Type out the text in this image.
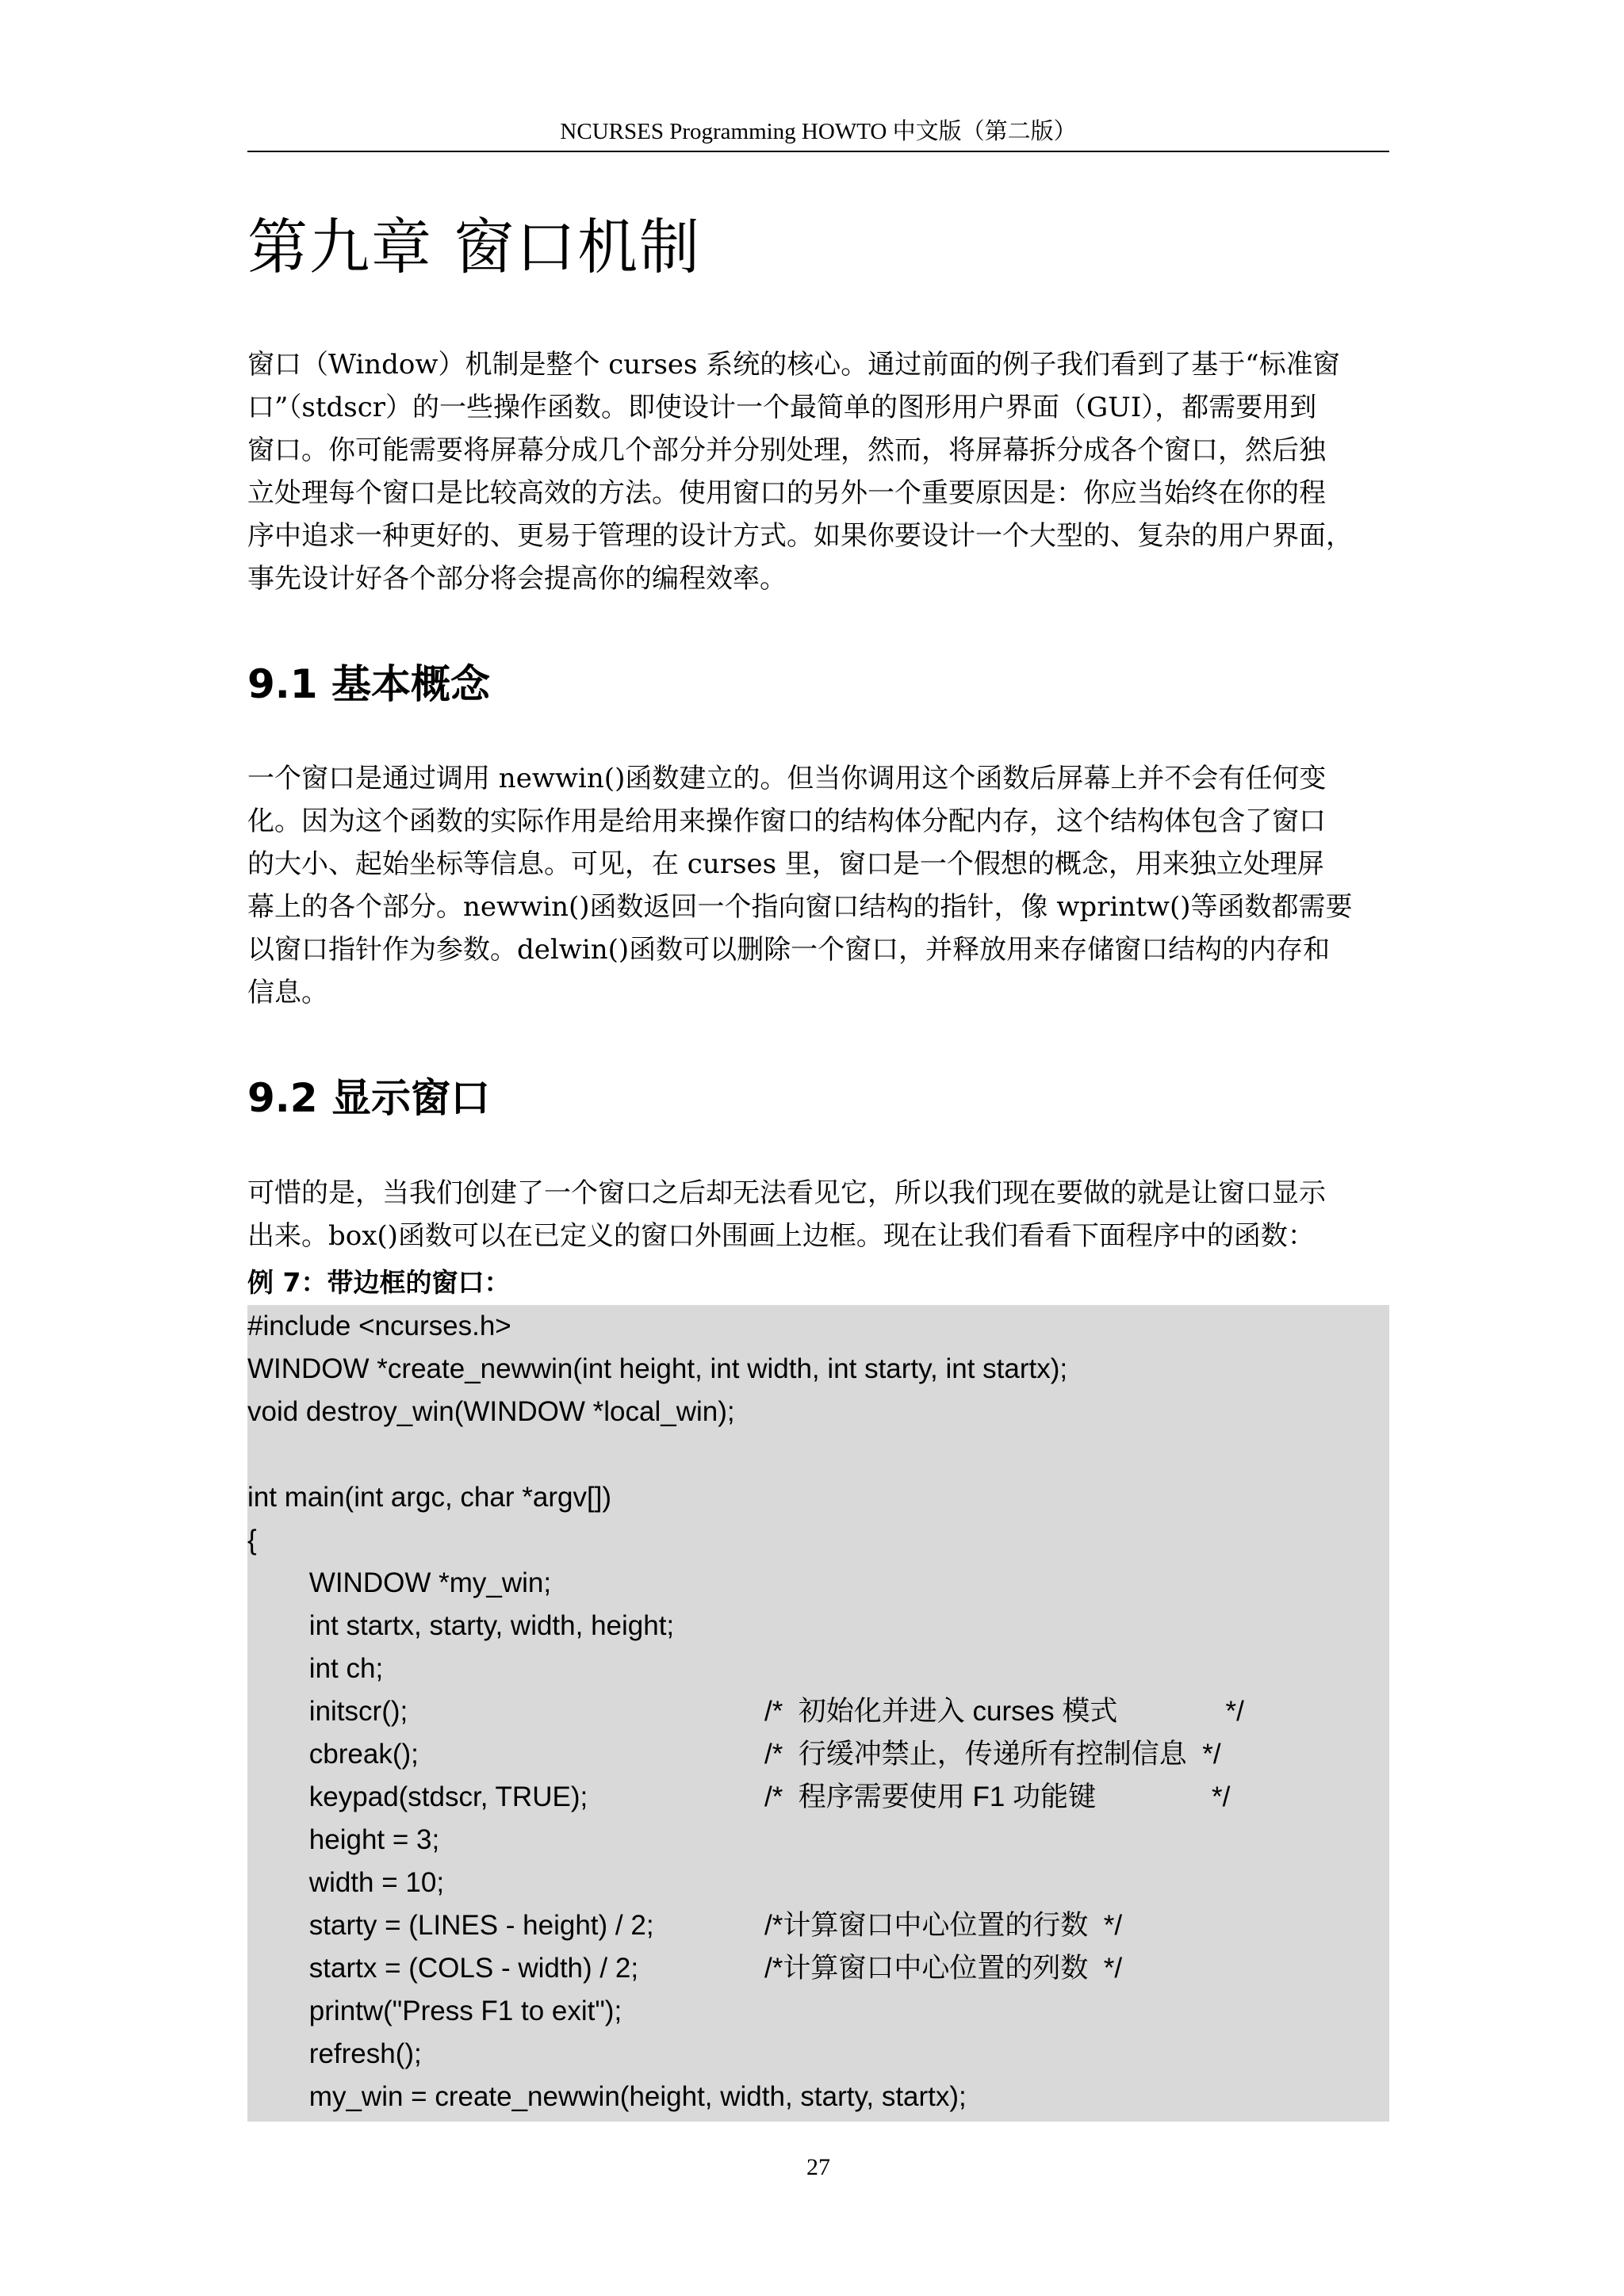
NCURSES Programming HOWTO 中文版（第二版）
第九章 窗口机制

窗口（Window）机制是整个 curses 系统的核心。通过前面的例子我们看到了基于“标准窗
口”（stdscr）的一些操作函数。即使设计一个最简单的图形用户界面（GUI），都需要用到
窗口。你可能需要将屏幕分成几个部分并分别处理，然而，将屏幕拆分成各个窗口，然后独
立处理每个窗口是比较高效的方法。使用窗口的另外一个重要原因是：你应当始终在你的程
序中追求一种更好的、更易于管理的设计方式。如果你要设计一个大型的、复杂的用户界面，
事先设计好各个部分将会提高你的编程效率。

9.1 基本概念

一个窗口是通过调用 newwin()函数建立的。但当你调用这个函数后屏幕上并不会有任何变
化。因为这个函数的实际作用是给用来操作窗口的结构体分配内存，这个结构体包含了窗口
的大小、起始坐标等信息。可见，在 curses 里，窗口是一个假想的概念，用来独立处理屏
幕上的各个部分。newwin()函数返回一个指向窗口结构的指针，像 wprintw()等函数都需要
以窗口指针作为参数。delwin()函数可以删除一个窗口，并释放用来存储窗口结构的内存和
信息。

9.2 显示窗口

可惜的是，当我们创建了一个窗口之后却无法看见它，所以我们现在要做的就是让窗口显示
出来。box()函数可以在已定义的窗口外围画上边框。现在让我们看看下面程序中的函数：

例 7：带边框的窗口：

#include <ncurses.h>
WINDOW *create_newwin(int height, int width, int starty, int startx);
void destroy_win(WINDOW *local_win);
int main(int argc, char *argv[])
{
WINDOW *my_win;
int startx, starty, width, height;
int ch;
initscr();	/*  初始化并进入 curses 模式              */
cbreak();	/*  行缓冲禁止，传递所有控制信息  */
keypad(stdscr, TRUE);	/*  程序需要使用 F1 功能键               */
height = 3;
width = 10;
starty = (LINES - height) / 2;	/*计算窗口中心位置的行数  */
startx = (COLS - width) / 2;	/*计算窗口中心位置的列数  */
printw("Press F1 to exit");
refresh();
my_win = create_newwin(height, width, starty, startx);
27
